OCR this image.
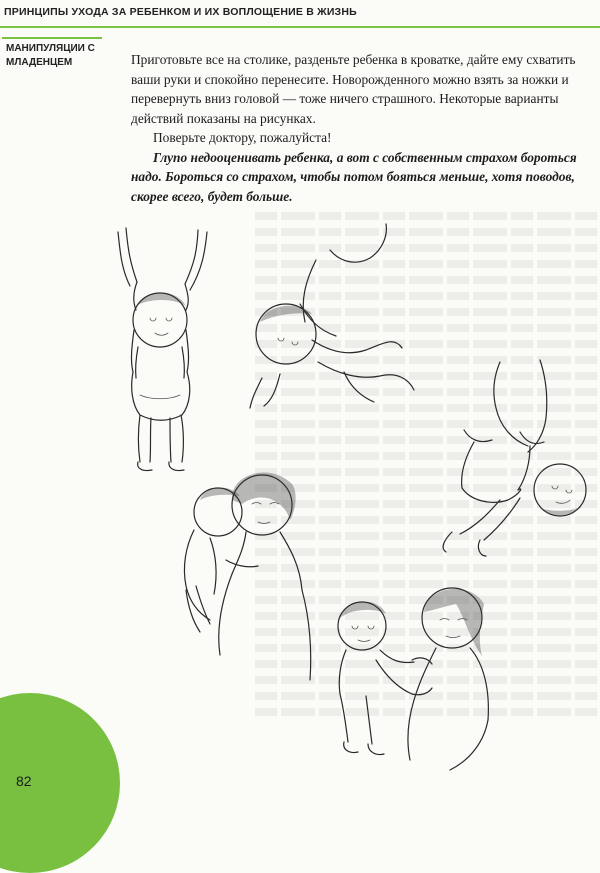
ПРИНЦИПЫ УХОДА ЗА РЕБЕНКОМ И ИХ ВОПЛОЩЕНИЕ В ЖИЗНЬ
МАНИПУЛЯЦИИ С МЛАДЕНЦЕМ	Приготовьте все на столике, разденьте ребенка в кроватке, дайте ему схватить ваши руки и спокойно перенесите. Новорожденного можно взять за ножки и перевернуть вниз головой — тоже ничего страшного. Некоторые варианты действий показаны на рисунках.

Поверьте доктору, пожалуйста!

Глупо недооценивать ребенка, а вот с собственным страхом бороться надо. Бороться со страхом, чтобы потом бояться меньше, хотя поводов, скорее всего, будет больше.

82
